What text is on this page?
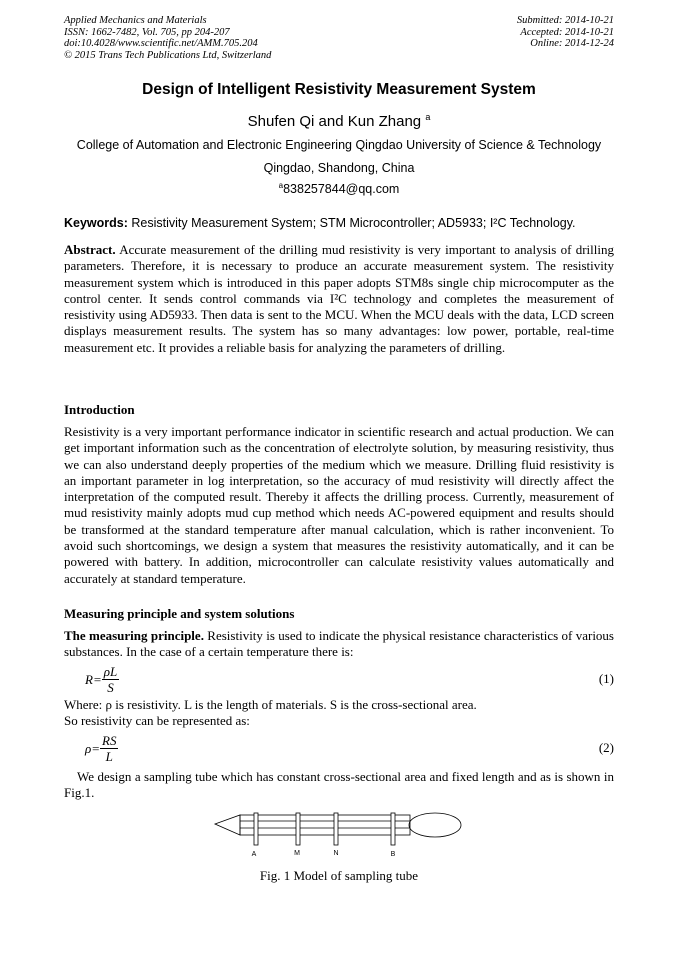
Applied Mechanics and Materials
ISSN: 1662-7482, Vol. 705, pp 204-207
doi:10.4028/www.scientific.net/AMM.705.204
© 2015 Trans Tech Publications Ltd, Switzerland
Submitted: 2014-10-21
Accepted: 2014-10-21
Online: 2014-12-24
Design of Intelligent Resistivity Measurement System
Shufen Qi and Kun Zhang $^a$
College of Automation and Electronic Engineering Qingdao University of Science & Technology
Qingdao, Shandong, China
$^a$838257844@qq.com
Keywords: Resistivity Measurement System; STM Microcontroller; AD5933; I²C Technology.
Abstract. Accurate measurement of the drilling mud resistivity is very important to analysis of drilling parameters. Therefore, it is necessary to produce an accurate measurement system. The resistivity measurement system which is introduced in this paper adopts STM8s single chip microcomputer as the control center. It sends control commands via I²C technology and completes the measurement of resistivity using AD5933. Then data is sent to the MCU. When the MCU deals with the data, LCD screen displays measurement results. The system has so many advantages: low power, portable, real-time measurement etc. It provides a reliable basis for analyzing the parameters of drilling.
Introduction
Resistivity is a very important performance indicator in scientific research and actual production. We can get important information such as the concentration of electrolyte solution, by measuring resistivity, thus we can also understand deeply properties of the medium which we measure. Drilling fluid resistivity is an important parameter in log interpretation, so the accuracy of mud resistivity will directly affect the interpretation of the computed result. Thereby it affects the drilling process. Currently, measurement of mud resistivity mainly adopts mud cup method which needs AC-powered equipment and results should be transformed at the standard temperature after manual calculation, which is rather inconvenient. To avoid such shortcomings, we design a system that measures the resistivity automatically, and it can be powered with battery. In addition, microcontroller can calculate resistivity values automatically and accurately at standard temperature.
Measuring principle and system solutions
The measuring principle. Resistivity is used to indicate the physical resistance characteristics of various substances. In the case of a certain temperature there is:
$R= \frac{\rho L}{S}$	(1)
Where: ρ is resistivity. L is the length of materials. S is the cross-sectional area.
So resistivity can be represented as:
$\rho= \frac{RS}{L}$	(2)
We design a sampling tube which has constant cross-sectional area and fixed length and as is shown in Fig.1.
A	M	N	B
Fig. 1 Model of sampling tube
